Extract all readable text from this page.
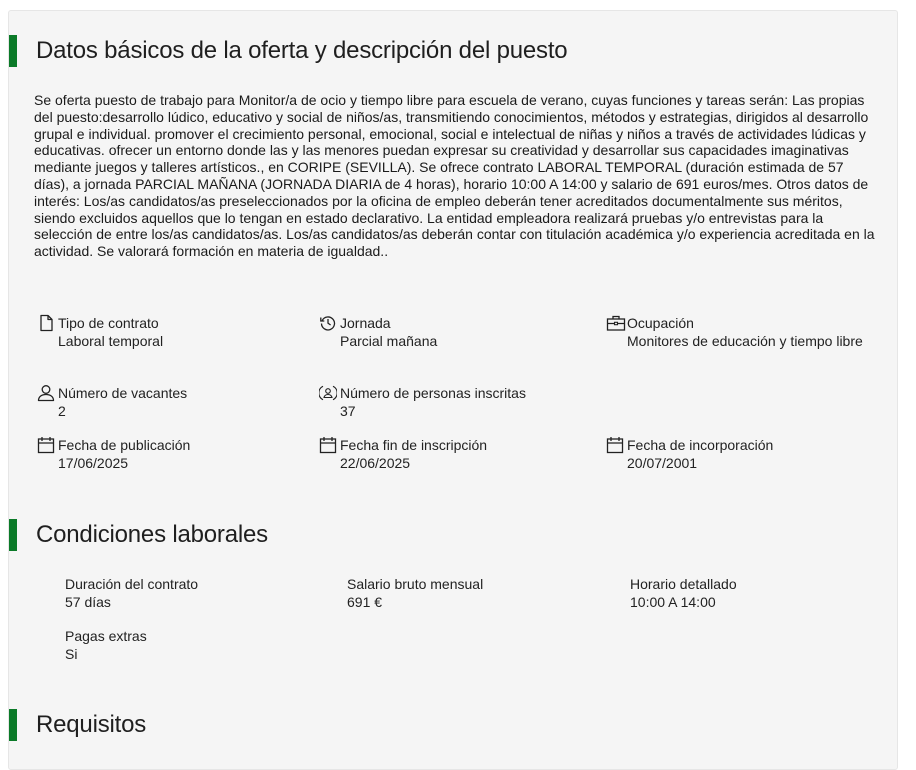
Datos básicos de la oferta y descripción del puesto

Se oferta puesto de trabajo para Monitor/a de ocio y tiempo libre para escuela de verano, cuyas funciones y tareas serán: Las propias del puesto:desarrollo lúdico, educativo y social de niños/as, transmitiendo conocimientos, métodos y estrategias, dirigidos al desarrollo grupal e individual. promover el crecimiento personal, emocional, social e intelectual de niñas y niños a través de actividades lúdicas y educativas. ofrecer un entorno donde las y las menores puedan expresar su creatividad y desarrollar sus capacidades imaginativas mediante juegos y talleres artísticos., en CORIPE (SEVILLA). Se ofrece contrato LABORAL TEMPORAL (duración estimada de 57 días), a jornada PARCIAL MAÑANA (JORNADA DIARIA de 4 horas), horario 10:00 A 14:00 y salario de 691 euros/mes. Otros datos de interés: Los/as candidatos/as preseleccionados por la oficina de empleo deberán tener acreditados documentalmente sus méritos, siendo excluidos aquellos que lo tengan en estado declarativo. La entidad empleadora realizará pruebas y/o entrevistas para la selección de entre los/as candidatos/as. Los/as candidatos/as deberán contar con titulación académica y/o experiencia acreditada en la actividad. Se valorará formación en materia de igualdad..

Tipo de contrato
Laboral temporal
Jornada
Parcial mañana
Ocupación
Monitores de educación y tiempo libre
Número de vacantes
2
Número de personas inscritas
37
Fecha de publicación
17/06/2025
Fecha fin de inscripción
22/06/2025
Fecha de incorporación
20/07/2001
Condiciones laborales
Duración del contrato
57 días
Salario bruto mensual
691 €
Horario detallado
10:00 A 14:00
Pagas extras
Si
Requisitos
